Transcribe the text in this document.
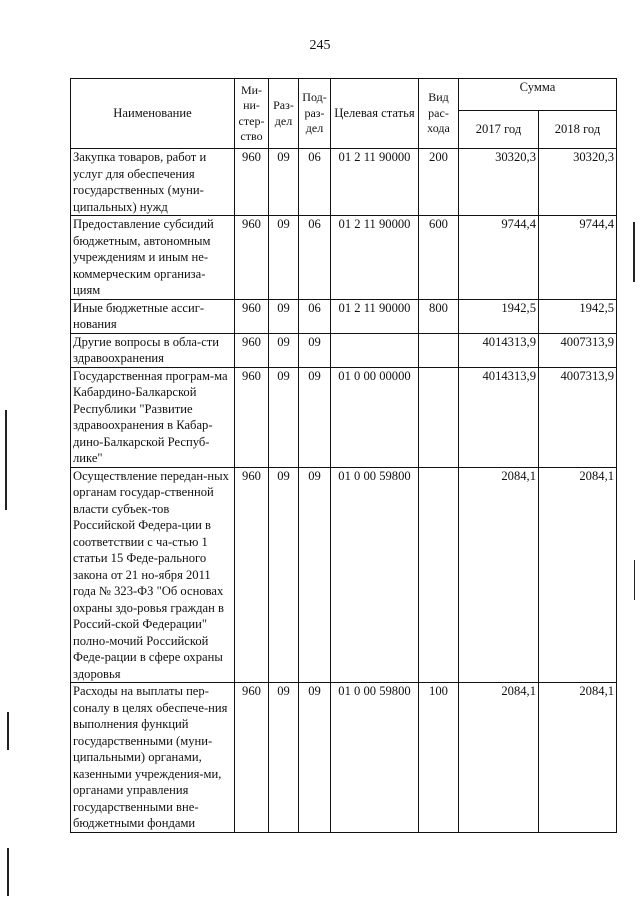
245
Наименование	Ми-ни-стер-ство	Раз-дел	Под-раз-дел	Целевая статья	Вид рас-хода	Сумма	
						2017 год	2018 год
Закупка товаров, работ и услуг для обеспечения государственных (муни-ципальных) нужд	960	09	06	01 2 11 90000	200	30320,3	30320,3
Предоставление субсидий бюджетным, автономным учреждениям и иным не-коммерческим организа-циям	960	09	06	01 2 11 90000	600	9744,4	9744,4
Иные бюджетные ассиг-нования	960	09	06	01 2 11 90000	800	1942,5	1942,5
Другие вопросы в обла-сти здравоохранения	960	09	09			4014313,9	4007313,9
Государственная програм-ма Кабардино-Балкарской Республики "Развитие здравоохранения в Кабар-дино-Балкарской Респуб-лике"	960	09	09	01 0 00 00000		4014313,9	4007313,9
Осуществление передан-ных органам государ-ственной власти субъек-тов Российской Федера-ции в соответствии с ча-стью 1 статьи 15 Феде-рального закона от 21 но-ября 2011 года № 323-ФЗ "Об основах охраны здо-ровья граждан в Россий-ской Федерации" полно-мочий Российской Феде-рации в сфере охраны здоровья	960	09	09	01 0 00 59800		2084,1	2084,1
Расходы на выплаты пер-соналу в целях обеспече-ния выполнения функций государственными (муни-ципальными) органами, казенными учреждения-ми, органами управления государственными вне-бюджетными фондами	960	09	09	01 0 00 59800	100	2084,1	2084,1
